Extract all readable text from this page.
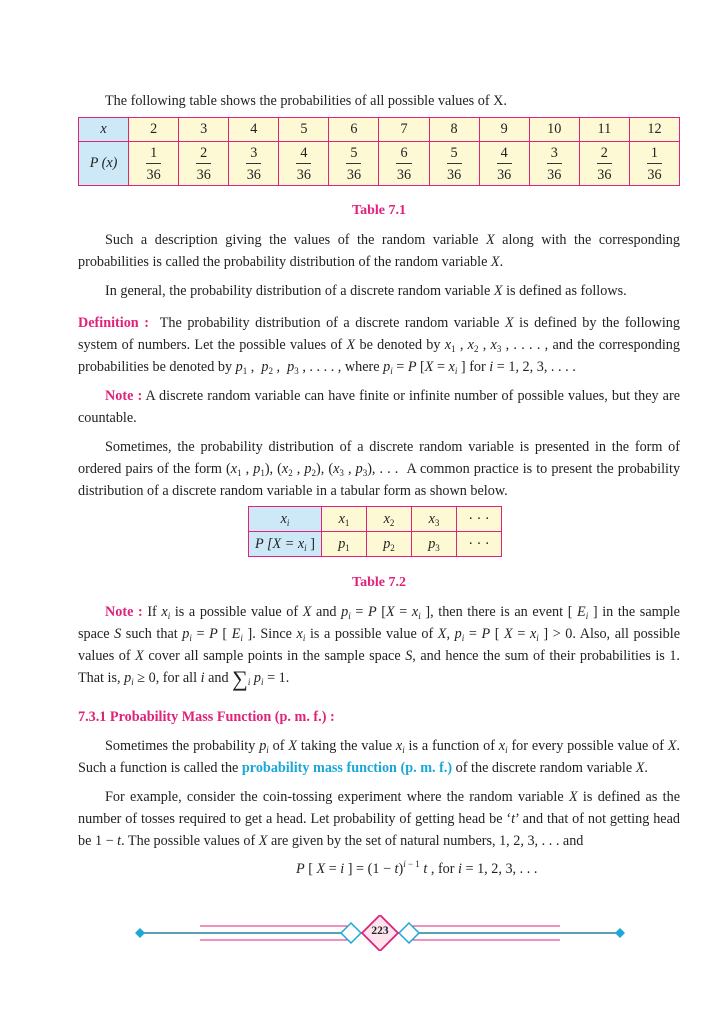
The following table shows the probabilities of all possible values of X.

x	2	3	4	5	6	7	8	9	10	11	12
P (x)	$\frac{1}{36}$	$\frac{2}{36}$	$\frac{3}{36}$	$\frac{4}{36}$	$\frac{5}{36}$	$\frac{6}{36}$	$\frac{5}{36}$	$\frac{4}{36}$	$\frac{3}{36}$	$\frac{2}{36}$	$\frac{1}{36}$
Table 7.1

Such a description giving the values of the random variable X along with the corresponding probabilities is called the probability distribution of the random variable X.

In general, the probability distribution of a discrete random variable X is defined as follows.

Definition :  The probability distribution of a discrete random variable X is defined by the following system of numbers. Let the possible values of X be denoted by $x_1$ , $x_2$ , $x_3$ , . . . . , and the corresponding probabilities be denoted by $p_1$ ,  $p_2$ ,  $p_3$ , . . . . , where $p_i = P$ [$X = x_i$ ] for i = 1, 2, 3, . . . .

Note : A discrete random variable can have finite or infinite number of possible values, but they are countable.

Sometimes, the probability distribution of a discrete random variable is presented in the form of ordered pairs of the form ($x_1$ , $p_1$), ($x_2$ , $p_2$), ($x_3$ , $p_3$), . . .  A common practice is to present the probability distribution of a discrete random variable in a tabular form as shown below.

$x_i$	$x_1$	$x_2$	$x_3$	· · ·
P [$X = x_i$ ]	$p_1$	$p_2$	$p_3$	· · ·
Table 7.2

Note : If $x_i$ is a possible value of X and $p_i = P$ [$X = x_i$ ], then there is an event [ $E_i$ ] in the sample space S such that $p_i = P$ [ $E_i$ ]. Since $x_i$ is a possible value of X, $p_i = P$ [ $X = x_i$ ] > 0. Also, all possible values of X cover all sample points in the sample space S, and hence the sum of their probabilities is 1. That is, $p_i \ge 0$, for all i and $\sum_i$ $p_i = 1$.

7.3.1 Probability Mass Function (p. m. f.) :

Sometimes the probability $p_i$ of X taking the value $x_i$ is a function of $x_i$ for every possible value of X. Such a function is called the probability mass function (p. m. f.) of the discrete random variable X.

For example, consider the coin-tossing experiment where the random variable X is defined as the number of tosses required to get a head. Let probability of getting head be ‘t’ and that of not getting head be 1 − t. The possible values of X are given by the set of natural numbers, 1, 2, 3, . . . and

P [ X = i ] = $(1 - t)^{i - 1}$ t , for i = 1, 2, 3, . . .
223
